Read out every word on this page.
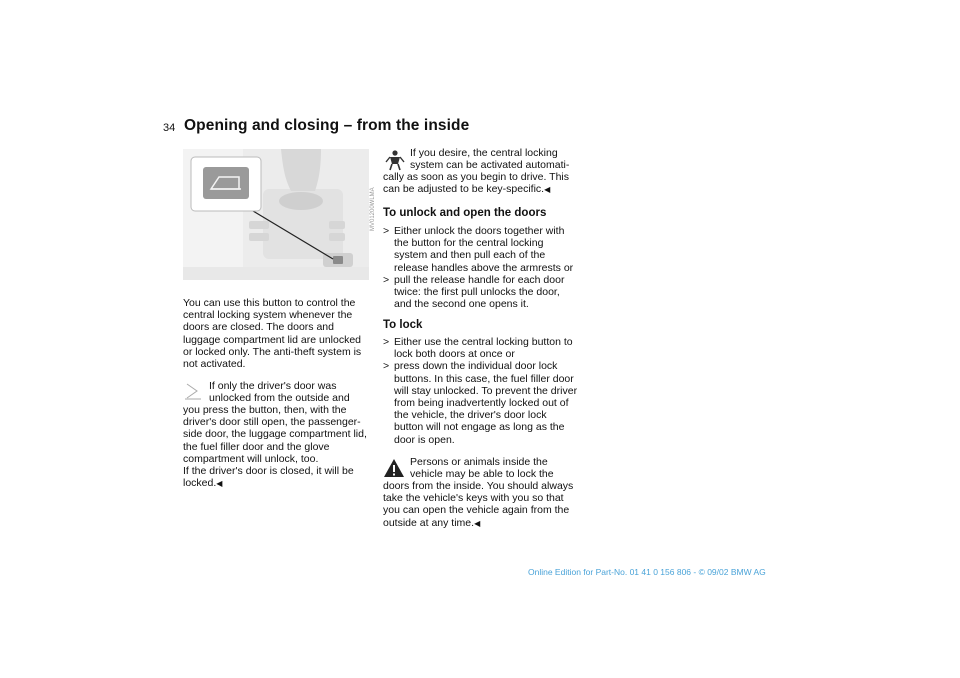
34 Opening and closing – from the inside
MV01200WLMA
You can use this button to control the central locking system whenever the doors are closed. The doors and luggage compartment lid are unlocked or locked only. The anti-theft system is not activated.
If only the driver's door was unlocked from the outside and
you press the button, then, with the driver's door still open, the passenger-side door, the luggage compartment lid, the fuel filler door and the glove compartment will unlock, too.
If the driver's door is closed, it will be locked.◀
If you desire, the central locking system can be activated automati-
cally as soon as you begin to drive. This can be adjusted to be key-specific.◀
To unlock and open the doors
> Either unlock the doors together with the button for the central locking system and then pull each of the release handles above the armrests or
> pull the release handle for each door twice: the first pull unlocks the door, and the second one opens it.
To lock
> Either use the central locking button to lock both doors at once or
> press down the individual door lock buttons. In this case, the fuel filler door will stay unlocked. To prevent the driver from being inadvertently locked out of the vehicle, the driver's door lock button will not engage as long as the door is open.
Persons or animals inside the vehicle may be able to lock the
doors from the inside. You should always take the vehicle's keys with you so that you can open the vehicle again from the outside at any time.◀
Online Edition for Part-No. 01 41 0 156 806 - © 09/02 BMW AG
